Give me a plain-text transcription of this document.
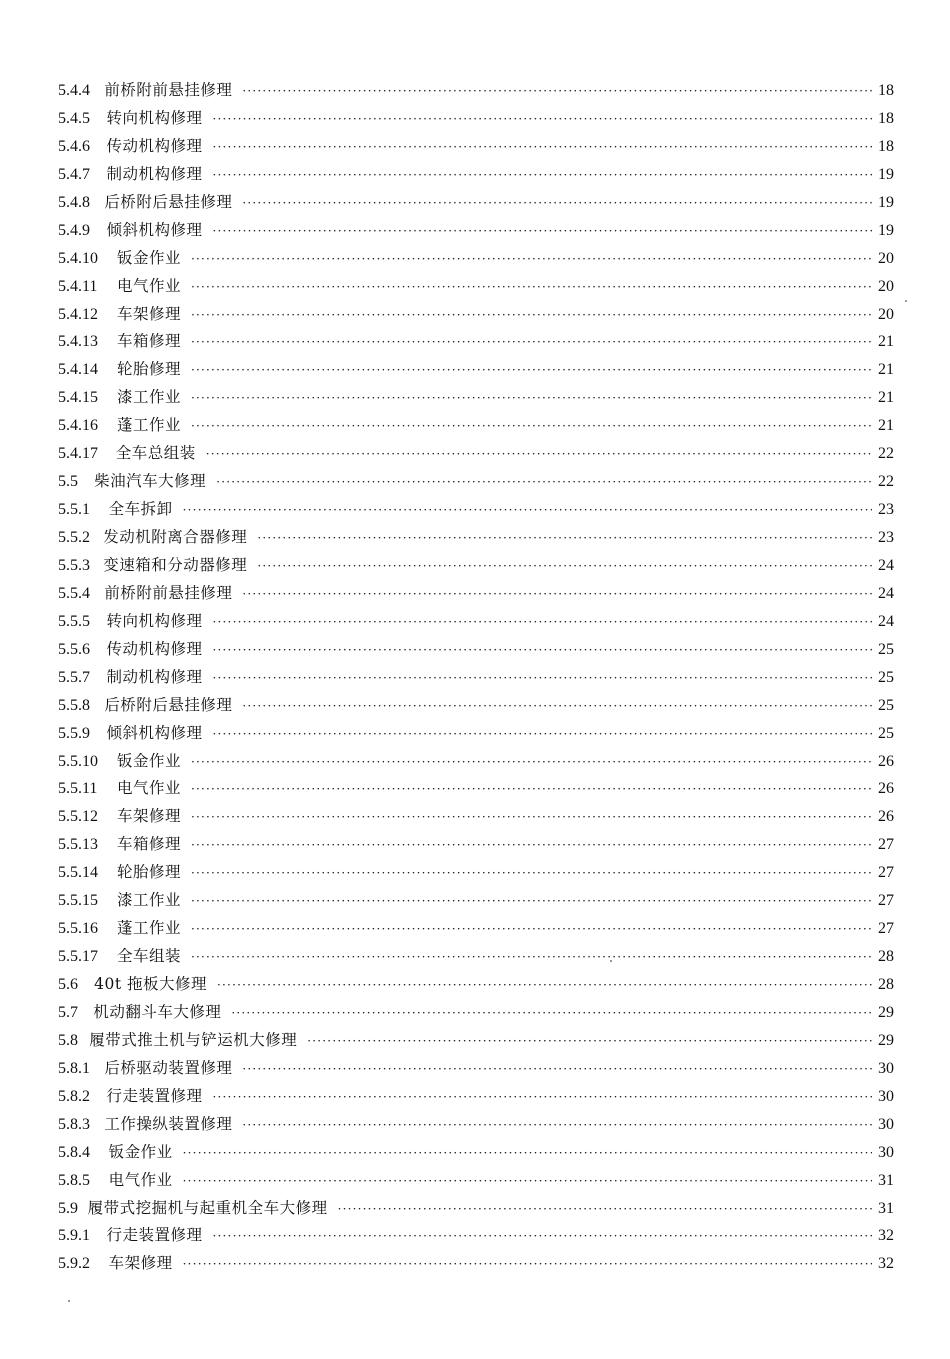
5.4.4 前桥附前悬挂修理 ·····	18
5.4.5	转向机构修理 ·····	18
5.4.6	传动机构修理 ·····	18
5.4.7	制动机构修理 ·····	19
5.4.8 后桥附后悬挂修理 ·····	19
5.4.9	倾斜机构修理 ·····	19
5.4.10	钣金作业 ·····	20
5.4.11	电气作业 ·····	20
5.4.12	车架修理 ·····	20
5.4.13	车箱修理 ·····	21
5.4.14	轮胎修理 ·····	21
5.4.15	漆工作业 ·····	21
5.4.16	蓬工作业 ·····	21
5.4.17	全车总组装 ·····	22
5.5	柴油汽车大修理 ·····	22
5.5.1	全车拆卸 ·····	23
5.5.2 发动机附离合器修理 ·····	23
5.5.3 变速箱和分动器修理 ·····	24
5.5.4 前桥附前悬挂修理 ·····	24
5.5.5	转向机构修理 ·····	24
5.5.6	传动机构修理 ·····	25
5.5.7	制动机构修理 ·····	25
5.5.8 后桥附后悬挂修理 ·····	25
5.5.9	倾斜机构修理 ·····	25
5.5.10	钣金作业 ·····	26
5.5.11	电气作业 ·····	26
5.5.12	车架修理 ·····	26
5.5.13	车箱修理 ·····	27
5.5.14	轮胎修理 ·····	27
5.5.15	漆工作业 ·····	27
5.5.16	蓬工作业 ·····	27
5.5.17	全车组装 ·····	28
5.6	40t 拖板大修理 ·····	28
5.7 机动翻斗车大修理 ·····	29
5.8 履带式推土机与铲运机大修理 ·····	29
5.8.1 后桥驱动装置修理 ·····	30
5.8.2	行走装置修理 ·····	30
5.8.3 工作操纵装置修理 ·····	30
5.8.4	钣金作业 ·····	30
5.8.5	电气作业 ·····	31
5.9 履带式挖掘机与起重机全车大修理 ·····	31
5.9.1	行走装置修理 ·····	32
5.9.2	车架修理 ·····	32
